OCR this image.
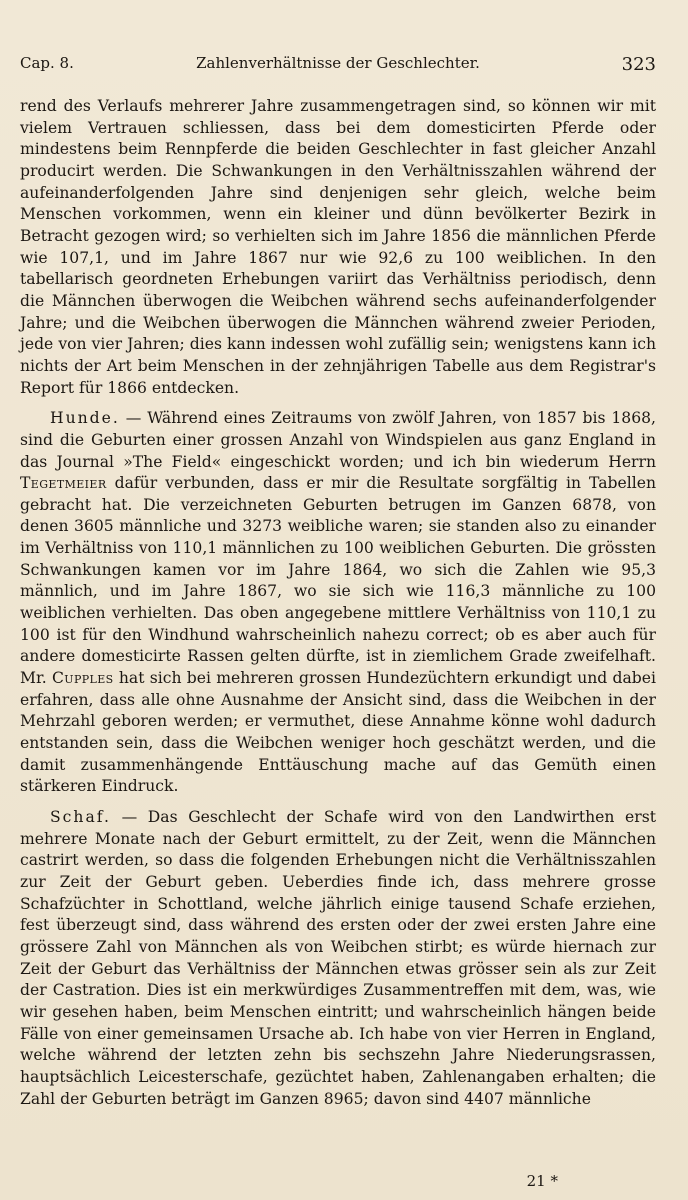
Cap. 8.	Zahlenverhältnisse der Geschlechter.	323

rend des Verlaufs mehrerer Jahre zusammengetragen sind, so können wir mit vielem Vertrauen schliessen, dass bei dem domesticirten Pferde oder mindestens beim Rennpferde die beiden Geschlechter in fast gleicher Anzahl producirt werden. Die Schwankungen in den Verhältnisszahlen während der aufeinanderfolgenden Jahre sind denjenigen sehr gleich, welche beim Menschen vorkommen, wenn ein kleiner und dünn bevölkerter Bezirk in Betracht gezogen wird; so verhielten sich im Jahre 1856 die männlichen Pferde wie 107,1, und im Jahre 1867 nur wie 92,6 zu 100 weiblichen. In den tabellarisch geordneten Erhebungen variirt das Verhältniss periodisch, denn die Männchen überwogen die Weibchen während sechs aufeinanderfolgender Jahre; und die Weibchen überwogen die Männchen während zweier Perioden, jede von vier Jahren; dies kann indessen wohl zufällig sein; wenigstens kann ich nichts der Art beim Menschen in der zehnjährigen Tabelle aus dem Registrar's Report für 1866 entdecken.

Hunde. — Während eines Zeitraums von zwölf Jahren, von 1857 bis 1868, sind die Geburten einer grossen Anzahl von Windspielen aus ganz England in das Journal »The Field« eingeschickt worden; und ich bin wiederum Herrn Tegetmeier dafür verbunden, dass er mir die Resultate sorgfältig in Tabellen gebracht hat. Die verzeichneten Geburten betrugen im Ganzen 6878, von denen 3605 männliche und 3273 weibliche waren; sie standen also zu einander im Verhältniss von 110,1 männlichen zu 100 weiblichen Geburten. Die grössten Schwankungen kamen vor im Jahre 1864, wo sich die Zahlen wie 95,3 männlich, und im Jahre 1867, wo sie sich wie 116,3 männliche zu 100 weiblichen verhielten. Das oben angegebene mittlere Verhältniss von 110,1 zu 100 ist für den Windhund wahrscheinlich nahezu correct; ob es aber auch für andere domesticirte Rassen gelten dürfte, ist in ziemlichem Grade zweifelhaft. Mr. Cupples hat sich bei mehreren grossen Hundezüchtern erkundigt und dabei erfahren, dass alle ohne Ausnahme der Ansicht sind, dass die Weibchen in der Mehrzahl geboren werden; er vermuthet, diese Annahme könne wohl dadurch entstanden sein, dass die Weibchen weniger hoch geschätzt werden, und die damit zusammenhängende Enttäuschung mache auf das Gemüth einen stärkeren Eindruck.

Schaf. — Das Geschlecht der Schafe wird von den Landwirthen erst mehrere Monate nach der Geburt ermittelt, zu der Zeit, wenn die Männchen castrirt werden, so dass die folgenden Erhebungen nicht die Verhältnisszahlen zur Zeit der Geburt geben. Ueberdies finde ich, dass mehrere grosse Schafzüchter in Schottland, welche jährlich einige tausend Schafe erziehen, fest überzeugt sind, dass während des ersten oder der zwei ersten Jahre eine grössere Zahl von Männchen als von Weibchen stirbt; es würde hiernach zur Zeit der Geburt das Verhältniss der Männchen etwas grösser sein als zur Zeit der Castration. Dies ist ein merkwürdiges Zusammentreffen mit dem, was, wie wir gesehen haben, beim Menschen eintritt; und wahrscheinlich hängen beide Fälle von einer gemeinsamen Ursache ab. Ich habe von vier Herren in England, welche während der letzten zehn bis sechszehn Jahre Niederungsrassen, hauptsächlich Leicesterschafe, gezüchtet haben, Zahlenangaben erhalten; die Zahl der Geburten beträgt im Ganzen 8965; davon sind 4407 männliche

21 *
